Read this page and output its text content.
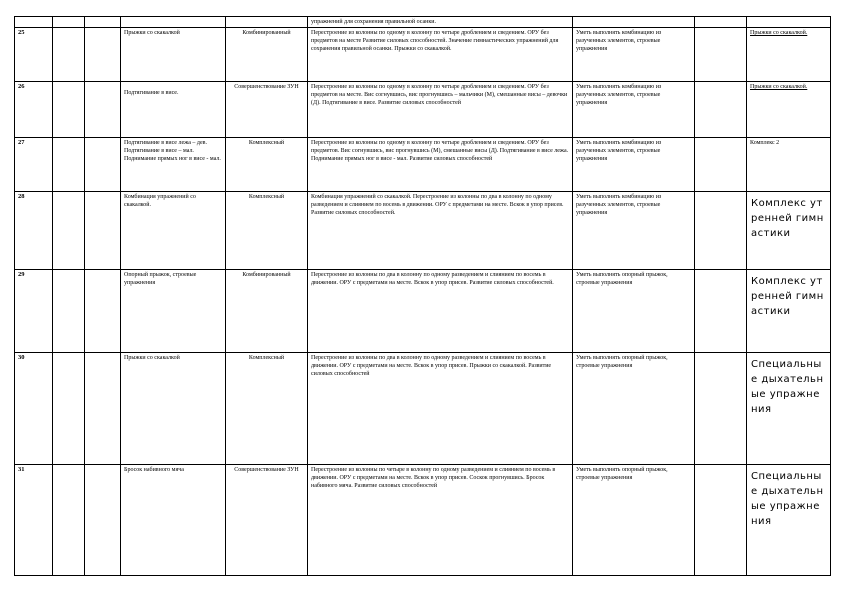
					упражнений для сохранения правильной осанки.			
25			Прыжки со скакалкой	Комбинированный	Перестроение из колонны по одному в колонну по четыре дроблением и сведением. ОРУ без предметов на месте Развитие силовых способностей. Значение гимнастических упражнений для сохранения правильной осанки. Прыжки со скакалкой.	Уметь выполнять комбинацию из разученных элементов, строевые упражнения		Прыжки со скакалкой.
26			Подтягивание в висе.	Совершенствование ЗУН	Перестроение из колонны по одному в колонну по четыре дроблением и сведением. ОРУ без предметов на месте. Вис согнувшись, вис прогнувшись – мальчики (М), смешанные висы – девочки (Д). Подтягивание в висе. Развитие силовых способностей	Уметь выполнять комбинацию из разученных элементов, строевые упражнения		Прыжки со скакалкой.
27			Подтягивание в висе лежа – дев. Подтягивание в висе – мал. Поднимание прямых ног в висе - мал.	Комплексный	Перестроение из колонны по одному в колонну по четыре дроблением и сведением. ОРУ без предметов. Вис согнувшись, вис прогнувшись (М), смешанные висы (Д). Подтягивание в висе лежа. Поднимание прямых ног в висе - мал. Развитие силовых способностей	Уметь выполнять комбинацию из разученных элементов, строевые упражнения		Комплекс 2
28			Комбинация упражнений со скакалкой.	Комплексный	Комбинация упражнений со скакалкой. Перестроение из колонны по два в колонну по одному разведением и слиянием по восемь в движении. ОРУ с предметами на месте. Вскок в упор присев. Развитие силовых способностей.	Уметь выполнять комбинацию из разученных элементов, строевые упражнения		Комплекс утренней гимнастики
29			Опорный прыжок, строевые упражнения	Комбинированный	Перестроение из колонны по два в колонну по одному разведением и слиянием по восемь в движении. ОРУ с предметами на месте. Вскок в упор присев. Развитие силовых способностей.	Уметь выполнять опорный прыжок, строевые упражнения		Комплекс утренней гимнастики
30			Прыжки со скакалкой	Комплексный	Перестроение из колонны по два в колонну по одному разведением и слиянием по восемь в движении. ОРУ с предметами на месте. Вскок в упор присев. Прыжки со скакалкой. Развитие силовых способностей	Уметь выполнять опорный прыжок, строевые упражнения		Специальные дыхательные упражнения
31			Бросок набивного мяча	Совершенствование ЗУН	Перестроение из колонны по четыре в колонну по одному разведением и слиянием по восемь в движении. ОРУ с предметами на месте. Вскок в упор присев. Соскок прогнувшись. Бросок набивного мяча. Развитие силовых способностей	Уметь выполнять опорный прыжок, строевые упражнения		Специальные дыхательные упражнения
